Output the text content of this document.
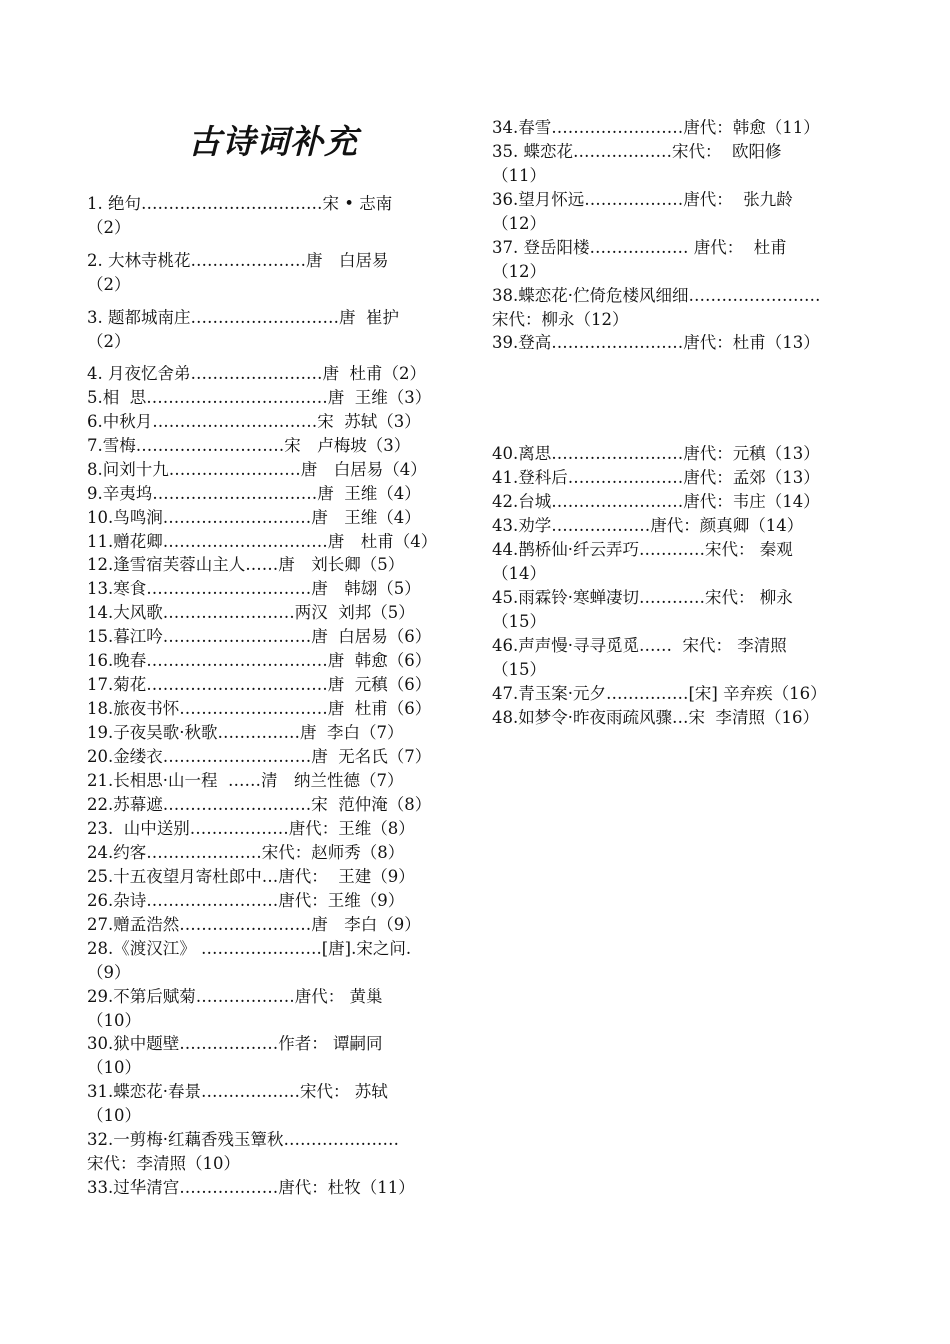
古诗词补充
1. 绝句……………………………宋 • 志南
（2）
2. 大林寺桃花…………………唐　白居易
（2）
3. 题都城南庄………………………唐  崔护
（2）
4. 月夜忆舍弟……………………唐  杜甫（2）
5.相  思……………………………唐  王维（3）
6.中秋月…………………………宋  苏轼（3）
7.雪梅………………………宋　卢梅坡（3）
8.问刘十九……………………唐　白居易（4）
9.辛夷坞…………………………唐  王维（4）
10.鸟鸣涧………………………唐　王维（4）
11.赠花卿…………………………唐　杜甫（4）
12.逢雪宿芙蓉山主人……唐　刘长卿（5）
13.寒食…………………………唐　韩翃（5）
14.大风歌……………………两汉  刘邦（5）
15.暮江吟………………………唐  白居易（6）
16.晚春……………………………唐  韩愈（6）
17.菊花……………………………唐  元稹（6）
18.旅夜书怀………………………唐  杜甫（6）
19.子夜吴歌·秋歌……………唐  李白（7）
20.金缕衣………………………唐  无名氏（7）
21.长相思·山一程  ……清　纳兰性德（7）
22.苏幕遮………………………宋  范仲淹（8）
23.  山中送别………………唐代：王维（8）
24.约客…………………宋代：赵师秀（8）
25.十五夜望月寄杜郎中…唐代：  王建（9）
26.杂诗……………………唐代：王维（9）
27.赠孟浩然……………………唐　李白（9）
28.《渡汉江》 ………………….[唐].宋之问.
（9）
29.不第后赋菊………………唐代： 黄巢
（10）
30.狱中题壁………………作者： 谭嗣同
（10）
31.蝶恋花·春景………………宋代： 苏轼
（10）
32.一剪梅·红藕香残玉簟秋…………………
宋代：李清照（10）
33.过华清宫………………唐代：杜牧（11）
34.春雪……………………唐代：韩愈（11）
35. 蝶恋花………………宋代：  欧阳修
（11）
36.望月怀远………………唐代：  张九龄
（12）
37. 登岳阳楼……………… 唐代：  杜甫
（12）
38.蝶恋花·伫倚危楼风细细……………………
宋代：柳永（12）
39.登高……………………唐代：杜甫（13）
40.离思……………………唐代：元稹（13）
41.登科后…………………唐代：孟郊（13）
42.台城……………………唐代：韦庄（14）
43.劝学………………唐代：颜真卿（14）
44.鹊桥仙·纤云弄巧…………宋代： 秦观
（14）
45.雨霖铃·寒蝉凄切…………宋代： 柳永
（15）
46.声声慢·寻寻觅觅……  宋代： 李清照
（15）
47.青玉案·元夕……………[宋] 辛弃疾（16）
48.如梦令·昨夜雨疏风骤…宋  李清照（16）
